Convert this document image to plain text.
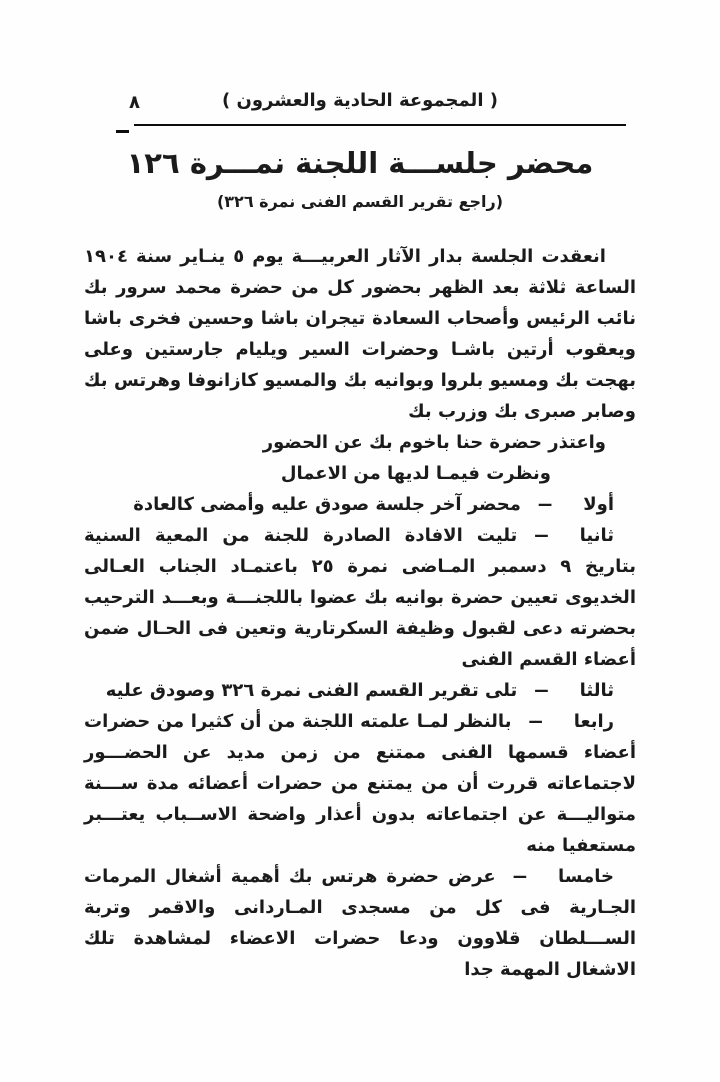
( المجموعة الحادية والعشرون )
٨
محضر جلســـة اللجنة نمـــرة ١٢٦
(راجع تقرير القسم الفنى نمرة ٣٢٦)

انعقدت الجلسة بدار الآثار العربيـــة يوم ٥ ينـاير سنة ١٩٠٤ الساعة ثلاثة بعد الظهر بحضور كل من حضرة محمد سرور بك نائب الرئيس وأصحاب السعادة تيجران باشا وحسين فخرى باشا ويعقوب أرتين باشـا وحضرات السير ويليام جارستين وعلى بهجت بك ومسيو بلروا وبوانيه بك والمسيو كازانوفا وهرتس بك وصابر صبرى بك وزرب بك

واعتذر حضرة حنا باخوم بك عن الحضور

ونظرت فيمـا لديها من الاعمال

أولاــمحضر آخر جلسة صودق عليه وأمضى كالعادة

ثانياــتليت الافادة الصادرة للجنة من المعية السنية بتاريخ ٩ دسمبر المـاضى نمرة ٢٥ باعتمـاد الجناب العـالى الخديوى تعيين حضرة بوانيه بك عضوا باللجنـــة وبعـــد الترحيب بحضرته دعى لقبول وظيفة السكرتارية وتعين فى الحـال ضمن أعضاء القسم الفنى

ثالثاــتلى تقرير القسم الفنى نمرة ٣٢٦ وصودق عليه

رابعاــبالنظر لمـا علمته اللجنة من أن كثيرا من حضرات أعضاء قسمها الفنى ممتنع من زمن مديد عن الحضـــور لاجتماعاته قررت أن من يمتنع من حضرات أعضائه مدة ســـنة متواليـــة عن اجتماعاته بدون أعذار واضحة الاســباب يعتـــبر مستعفيا منه

خامساــعرض حضرة هرتس بك أهمية أشغال المرمات الجـارية فى كل من مسجدى المـاردانى والاقمر وتربة الســـلطان قلاوون ودعا حضرات الاعضاء لمشاهدة تلك الاشغال المهمة جدا
